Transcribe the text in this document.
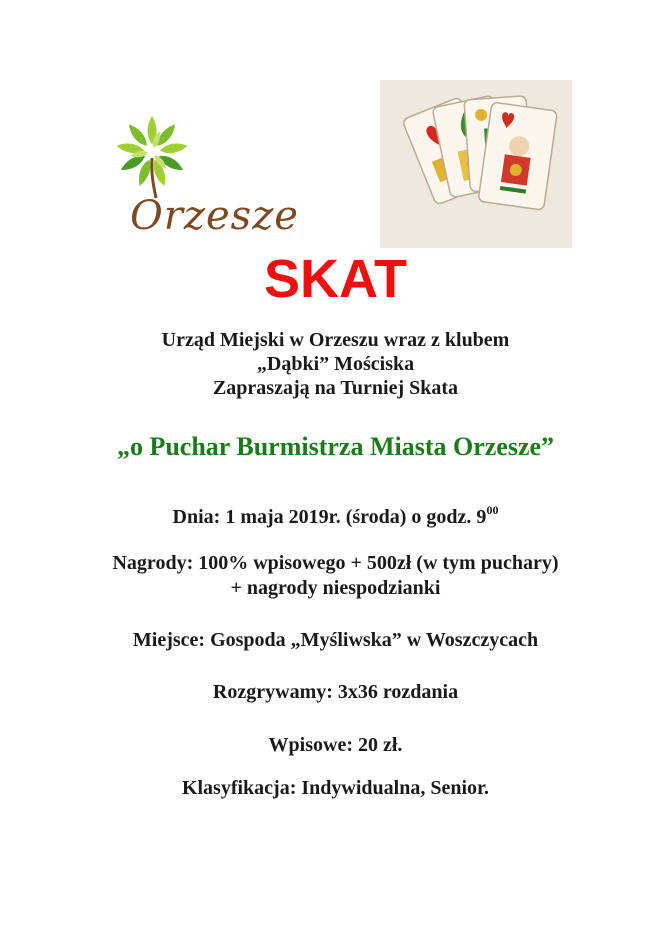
Orzesze
SKAT
Urząd Miejski w Orzeszu wraz z klubem
„Dąbki” Mościska
Zapraszają na Turniej Skata
„o Puchar Burmistrza Miasta Orzesze”
Dnia: 1 maja 2019r. (środa) o godz. $9^{00}$
Nagrody: 100% wpisowego + 500zł (w tym puchary)
+ nagrody niespodzianki
Miejsce: Gospoda „Myśliwska” w Woszczycach
Rozgrywamy: 3x36 rozdania
Wpisowe: 20 zł.
Klasyfikacja: Indywidualna, Senior.
